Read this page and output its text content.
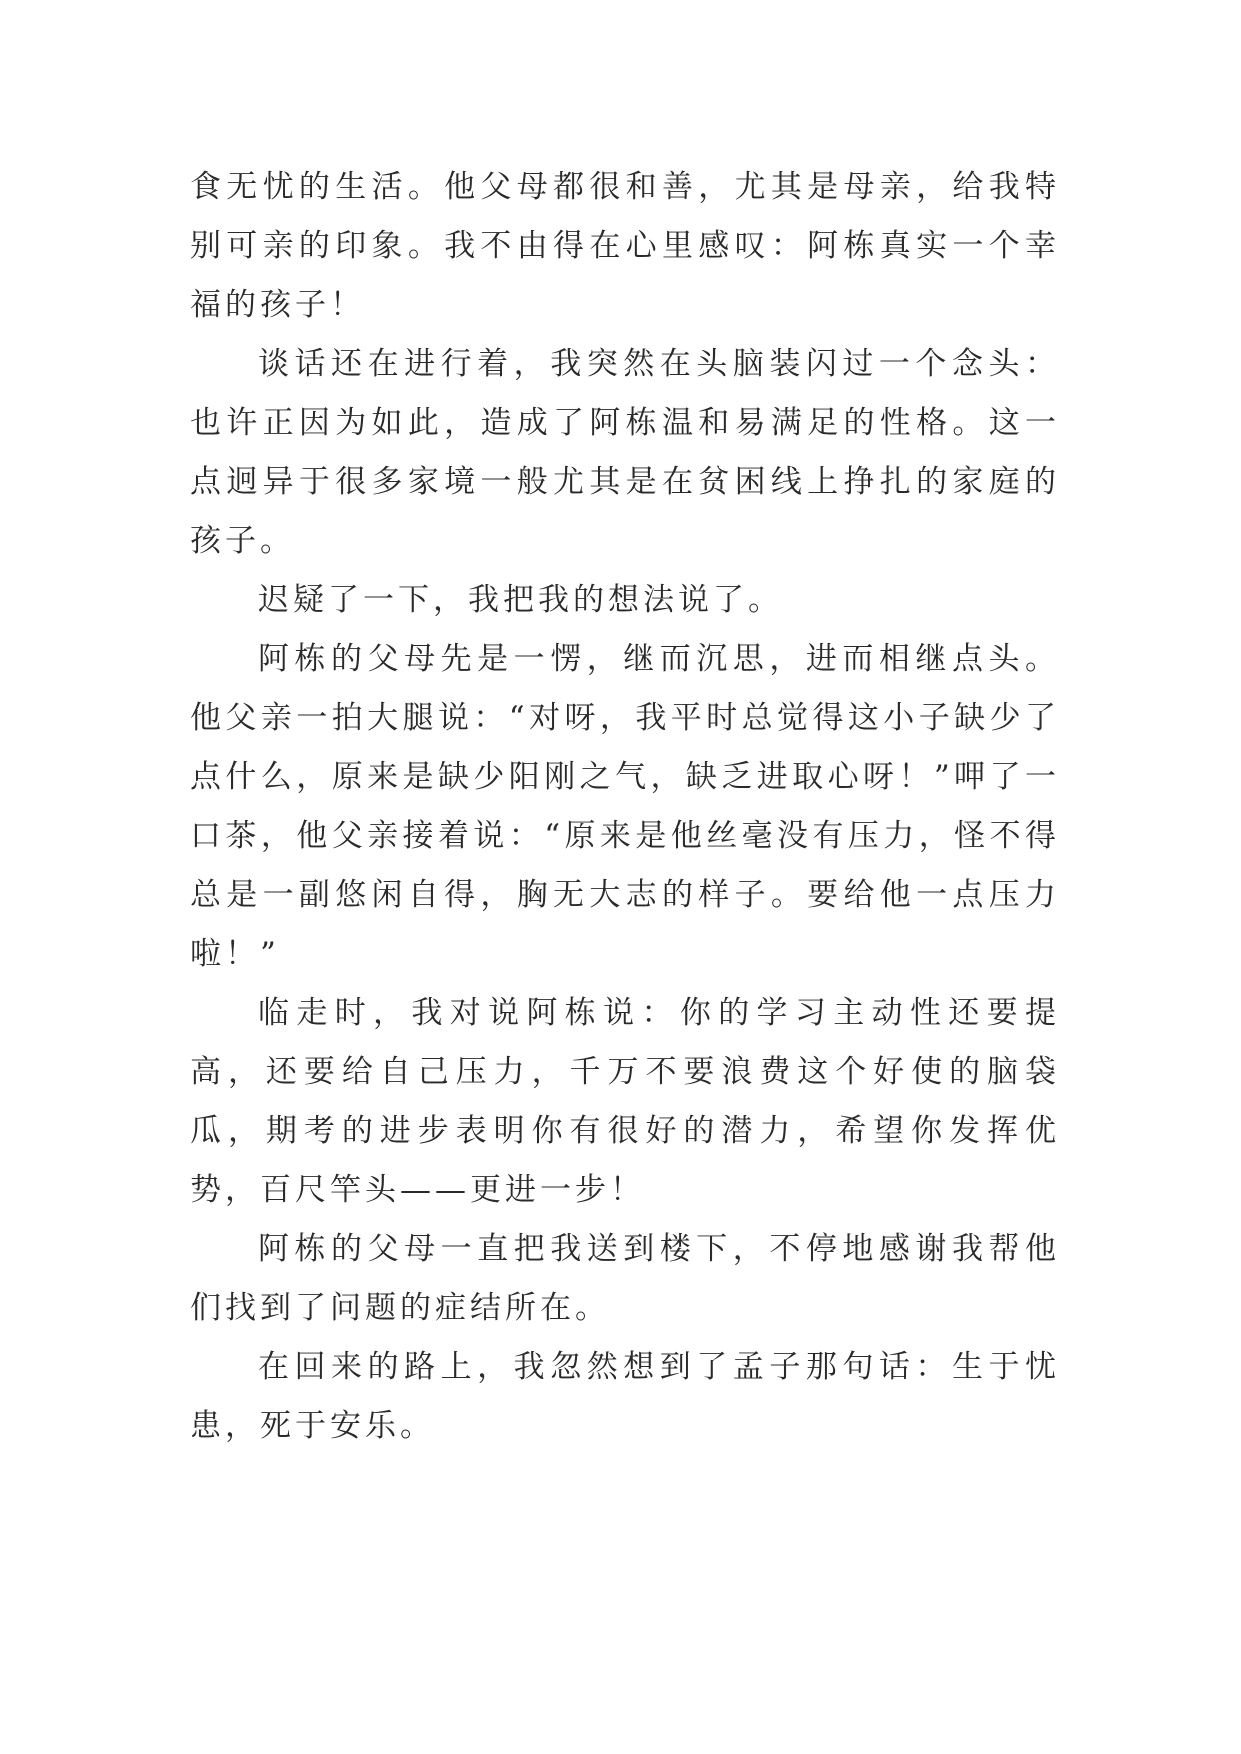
食无忧的生活。他父母都很和善，尤其是母亲，给我特别可亲的印象。我不由得在心里感叹：阿栋真实一个幸福的孩子！

谈话还在进行着，我突然在头脑装闪过一个念头：也许正因为如此，造成了阿栋温和易满足的性格。这一点迥异于很多家境一般尤其是在贫困线上挣扎的家庭的孩子。

迟疑了一下，我把我的想法说了。

阿栋的父母先是一愣，继而沉思，进而相继点头。他父亲一拍大腿说：“对呀，我平时总觉得这小子缺少了点什么，原来是缺少阳刚之气，缺乏进取心呀！”呷了一口茶，他父亲接着说：“原来是他丝毫没有压力，怪不得总是一副悠闲自得，胸无大志的样子。要给他一点压力啦！”

临走时，我对说阿栋说：你的学习主动性还要提高，还要给自己压力，千万不要浪费这个好使的脑袋瓜，期考的进步表明你有很好的潜力，希望你发挥优势，百尺竿头——更进一步！

阿栋的父母一直把我送到楼下，不停地感谢我帮他们找到了问题的症结所在。

在回来的路上，我忽然想到了孟子那句话：生于忧患，死于安乐。
